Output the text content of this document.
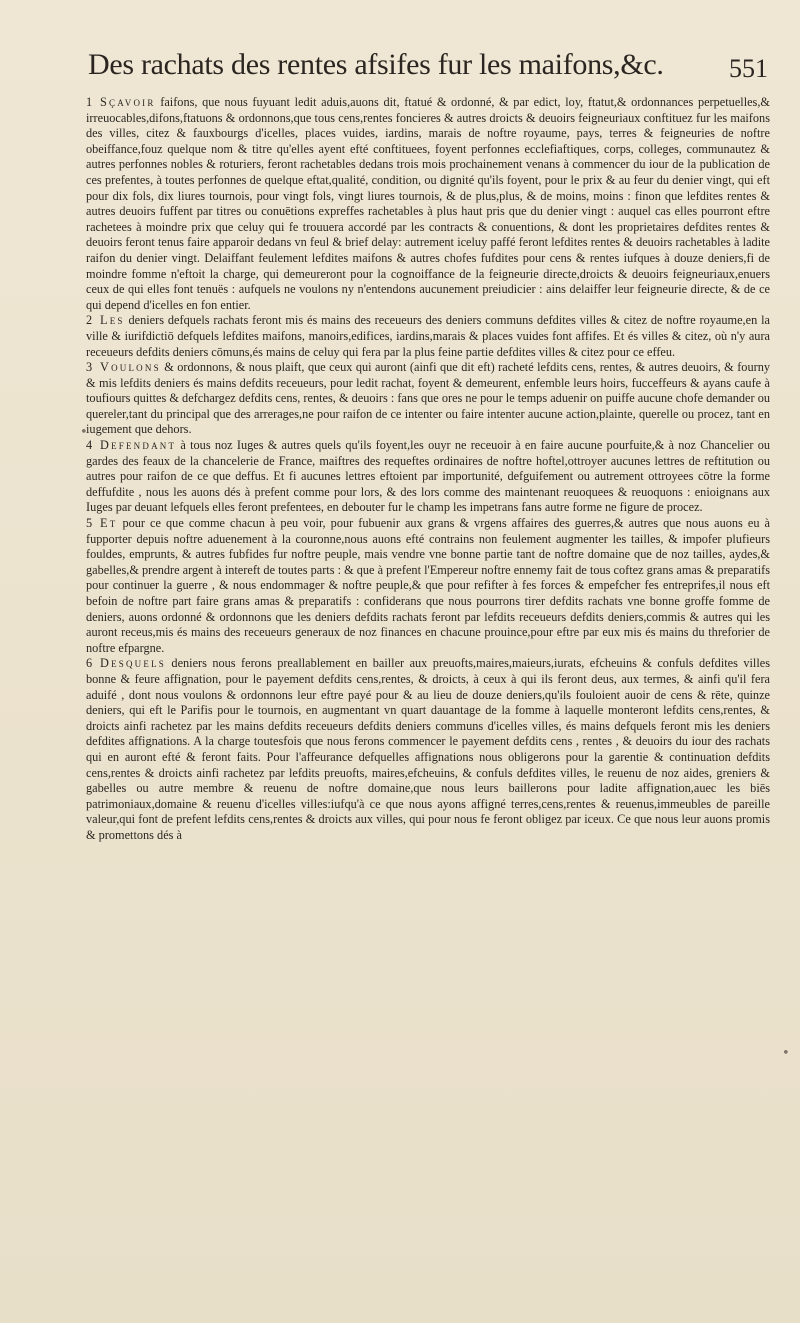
Des rachats des rentes afsifes fur les maifons,&c.	551
•
•

1 Sçavoir faifons, que nous fuyuant ledit aduis,auons dit, ftatué & ordonné, & par edict, loy, ftatut,& ordonnances perpetuelles,& irreuocables,difons,ftatuons & ordonnons,que tous cens,rentes foncieres & autres droicts & deuoirs feigneuriaux conftituez fur les maifons des villes, citez & fauxbourgs d'icelles, places vuides, iardins, marais de noftre royaume, pays, terres & feigneuries de noftre obeiffance,fouz quelque nom & titre qu'elles ayent efté conftituees, foyent perfonnes ecclefiaftiques, corps, colleges, communautez & autres perfonnes nobles & roturiers, feront rachetables dedans trois mois prochainement venans à commencer du iour de la publication de ces prefentes, à toutes perfonnes de quelque eftat,qualité, condition, ou dignité qu'ils foyent, pour le prix & au feur du denier vingt, qui eft pour dix fols, dix liures tournois, pour vingt fols, vingt liures tournois, & de plus,plus, & de moins, moins : finon que lefdites rentes & autres deuoirs fuffent par titres ou conuētions expreffes rachetables à plus haut pris que du denier vingt : auquel cas elles pourront eftre rachetees à moindre prix que celuy qui fe trouuera accordé par les contracts & conuentions, & dont les proprietaires defdites rentes & deuoirs feront tenus faire apparoir dedans vn feul & brief delay: autrement iceluy paffé feront lefdites rentes & deuoirs rachetables à ladite raifon du denier vingt. Delaiffant feulement lefdites maifons & autres chofes fufdites pour cens & rentes iufques à douze deniers,fi de moindre fomme n'eftoit la charge, qui demeureront pour la cognoiffance de la feigneurie directe,droicts & deuoirs feigneuriaux,enuers ceux de qui elles font tenuës : aufquels ne voulons ny n'entendons aucunement preiudicier : ains delaiffer leur feigneurie directe, & de ce qui depend d'icelles en fon entier.

2 Les deniers defquels rachats feront mis és mains des receueurs des deniers communs defdites villes & citez de noftre royaume,en la ville & iurifdictiō defquels lefdites maifons, manoirs,edifices, iardins,marais & places vuides font affifes. Et és villes & citez, où n'y aura receueurs defdits deniers cōmuns,és mains de celuy qui fera par la plus feine partie defdites villes & citez pour ce effeu.

3 Voulons & ordonnons, & nous plaift, que ceux qui auront (ainfi que dit eft) racheté lefdits cens, rentes, & autres deuoirs, & fourny & mis lefdits deniers és mains defdits receueurs, pour ledit rachat, foyent & demeurent, enfemble leurs hoirs, fucceffeurs & ayans caufe à toufiours quittes & defchargez defdits cens, rentes, & deuoirs : fans que ores ne pour le temps aduenir on puiffe aucune chofe demander ou quereler,tant du principal que des arrerages,ne pour raifon de ce intenter ou faire intenter aucune action,plainte, querelle ou procez, tant en iugement que dehors.

4 Defendant à tous noz Iuges & autres quels qu'ils foyent,les ouyr ne receuoir à en faire aucune pourfuite,& à noz Chancelier ou gardes des feaux de la chancelerie de France, maiftres des requeftes ordinaires de noftre hoftel,ottroyer aucunes lettres de reftitution ou autres pour raifon de ce que deffus. Et fi aucunes lettres eftoient par importunité, defguifement ou autrement ottroyees cōtre la forme deffufdite , nous les auons dés à prefent comme pour lors, & des lors comme des maintenant reuoquees & reuoquons : enioignans aux Iuges par deuant lefquels elles feront prefentees, en debouter fur le champ les impetrans fans autre forme ne figure de procez.

5 Et pour ce que comme chacun à peu voir, pour fubuenir aux grans & vrgens affaires des guerres,& autres que nous auons eu à fupporter depuis noftre aduenement à la couronne,nous auons efté contrains non feulement augmenter les tailles, & impofer plufieurs fouldes, emprunts, & autres fubfides fur noftre peuple, mais vendre vne bonne partie tant de noftre domaine que de noz tailles, aydes,& gabelles,& prendre argent à intereft de toutes parts : & que à prefent l'Empereur noftre ennemy fait de tous coftez grans amas & preparatifs pour continuer la guerre , & nous endommager & noftre peuple,& que pour refifter à fes forces & empefcher fes entreprifes,il nous eft befoin de noftre part faire grans amas & preparatifs : confiderans que nous pourrons tirer defdits rachats vne bonne groffe fomme de deniers, auons ordonné & ordonnons que les deniers defdits rachats feront par lefdits receueurs defdits deniers,commis & autres qui les auront receus,mis és mains des receueurs generaux de noz finances en chacune prouince,pour eftre par eux mis és mains du threforier de noftre efpargne.

6 Desquels deniers nous ferons preallablement en bailler aux preuofts,maires,maieurs,iurats, efcheuins & confuls defdites villes bonne & feure affignation, pour le payement defdits cens,rentes, & droicts, à ceux à qui ils feront deus, aux termes, & ainfi qu'il fera aduifé , dont nous voulons & ordonnons leur eftre payé pour & au lieu de douze deniers,qu'ils fouloient auoir de cens & rēte, quinze deniers, qui eft le Parifis pour le tournois, en augmentant vn quart dauantage de la fomme à laquelle monteront lefdits cens,rentes, & droicts ainfi rachetez par les mains defdits receueurs defdits deniers communs d'icelles villes, és mains defquels feront mis les deniers defdites affignations. A la charge toutesfois que nous ferons commencer le payement defdits cens , rentes , & deuoirs du iour des rachats qui en auront efté & feront faits. Pour l'affeurance defquelles affignations nous obligerons pour la garentie & continuation defdits cens,rentes & droicts ainfi rachetez par lefdits preuofts, maires,efcheuins, & confuls defdites villes, le reuenu de noz aides, greniers & gabelles ou autre membre & reuenu de noftre domaine,que nous leurs baillerons pour ladite affignation,auec les biēs patrimoniaux,domaine & reuenu d'icelles villes:iufqu'à ce que nous ayons affigné terres,cens,rentes & reuenus,immeubles de pareille valeur,qui font de prefent lefdits cens,rentes & droicts aux villes, qui pour nous fe feront obligez par iceux. Ce que nous leur auons promis & promettons dés à
